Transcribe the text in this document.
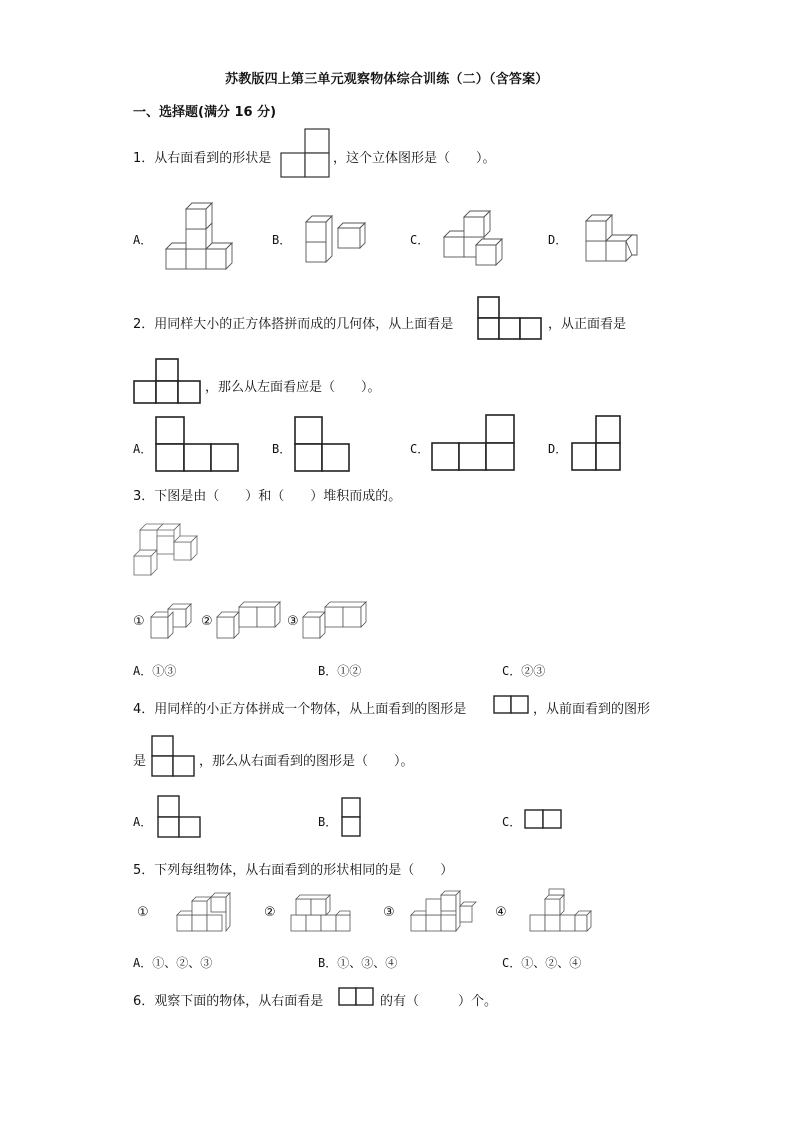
苏教版四上第三单元观察物体综合训练（二）（含答案）
一、选择题(满分 16 分)
1．从右面看到的形状是	，这个立体图形是（　　）。
A．	B．	C．	D．
2．用同样大小的正方体搭拼而成的几何体，从上面看是	，从正面看是
，那么从左面看应是（　　）。
A．	B．	C．	D．
3．下图是由（　　）和（　　）堆积而成的。
①	②	③
A．①③	B．①②	C．②③
4．用同样的小正方体拼成一个物体，从上面看到的图形是	，从前面看到的图形
是	，那么从右面看到的图形是（　　）。
A．	B．	C．
5．下列每组物体，从右面看到的形状相同的是（　　）
①	②	③	④
A．①、②、③	B．①、③、④	C．①、②、④
6．观察下面的物体，从右面看是	的有（　　　）个。
